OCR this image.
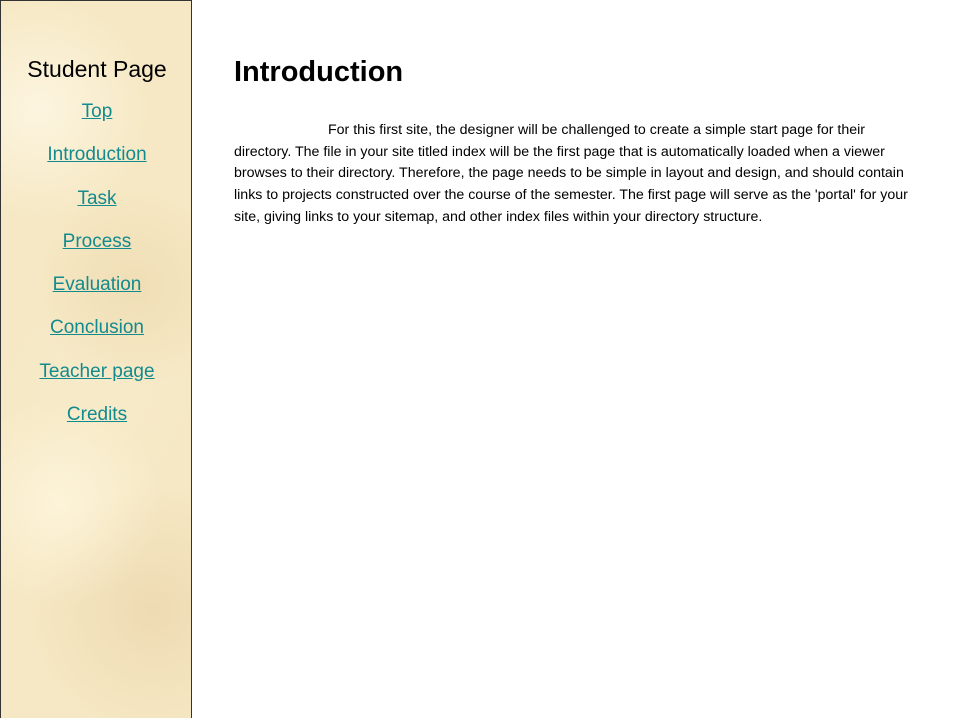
Student Page
Top
Introduction
Task
Process
Evaluation
Conclusion
Teacher page
Credits
Introduction

For this first site, the designer will be challenged to create a simple start page for their directory. The file in your site titled index will be the first page that is automatically loaded when a viewer browses to their directory. Therefore, the page needs to be simple in layout and design, and should contain links to projects constructed over the course of the semester. The first page will serve as the 'portal' for your site, giving links to your sitemap, and other index files within your directory structure.
